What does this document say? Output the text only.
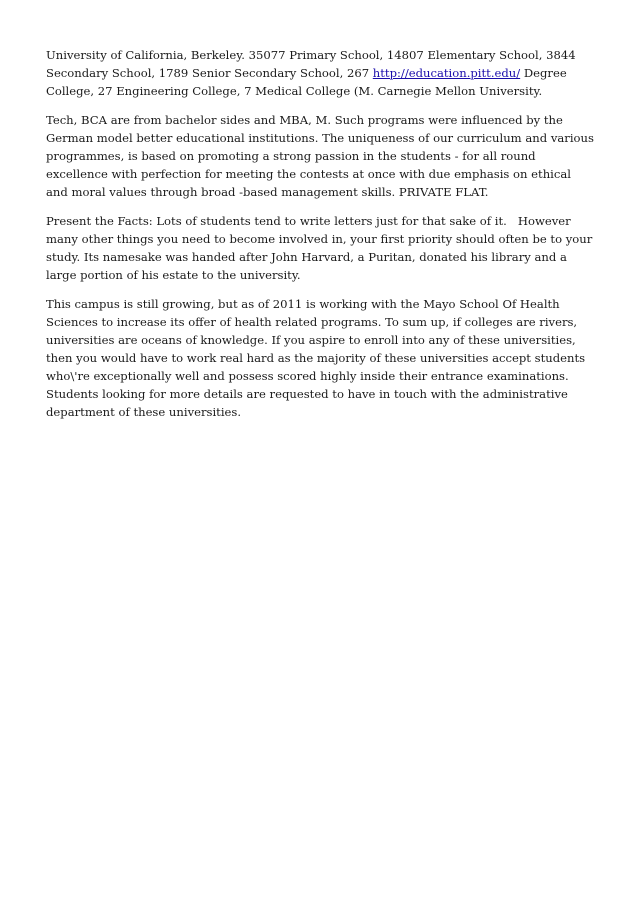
University of California, Berkeley. 35077 Primary School, 14807 Elementary School, 3844 Secondary School, 1789 Senior Secondary School, 267 http://education.pitt.edu/ Degree College, 27 Engineering College, 7 Medical College (M. Carnegie Mellon University.

Tech, BCA are from bachelor sides and MBA, M. Such programs were influenced by the German model better educational institutions. The uniqueness of our curriculum and various programmes, is based on promoting a strong passion in the students - for all round excellence with perfection for meeting the contests at once with due emphasis on ethical and moral values through broad -based management skills. PRIVATE FLAT.

Present the Facts: Lots of students tend to write letters just for that sake of it.   However many other things you need to become involved in, your first priority should often be to your study. Its namesake was handed after John Harvard, a Puritan, donated his library and a large portion of his estate to the university.

This campus is still growing, but as of 2011 is working with the Mayo School Of Health Sciences to increase its offer of health related programs. To sum up, if colleges are rivers, universities are oceans of knowledge. If you aspire to enroll into any of these universities, then you would have to work real hard as the majority of these universities accept students who\'re exceptionally well and possess scored highly inside their entrance examinations. Students looking for more details are requested to have in touch with the administrative department of these universities.
